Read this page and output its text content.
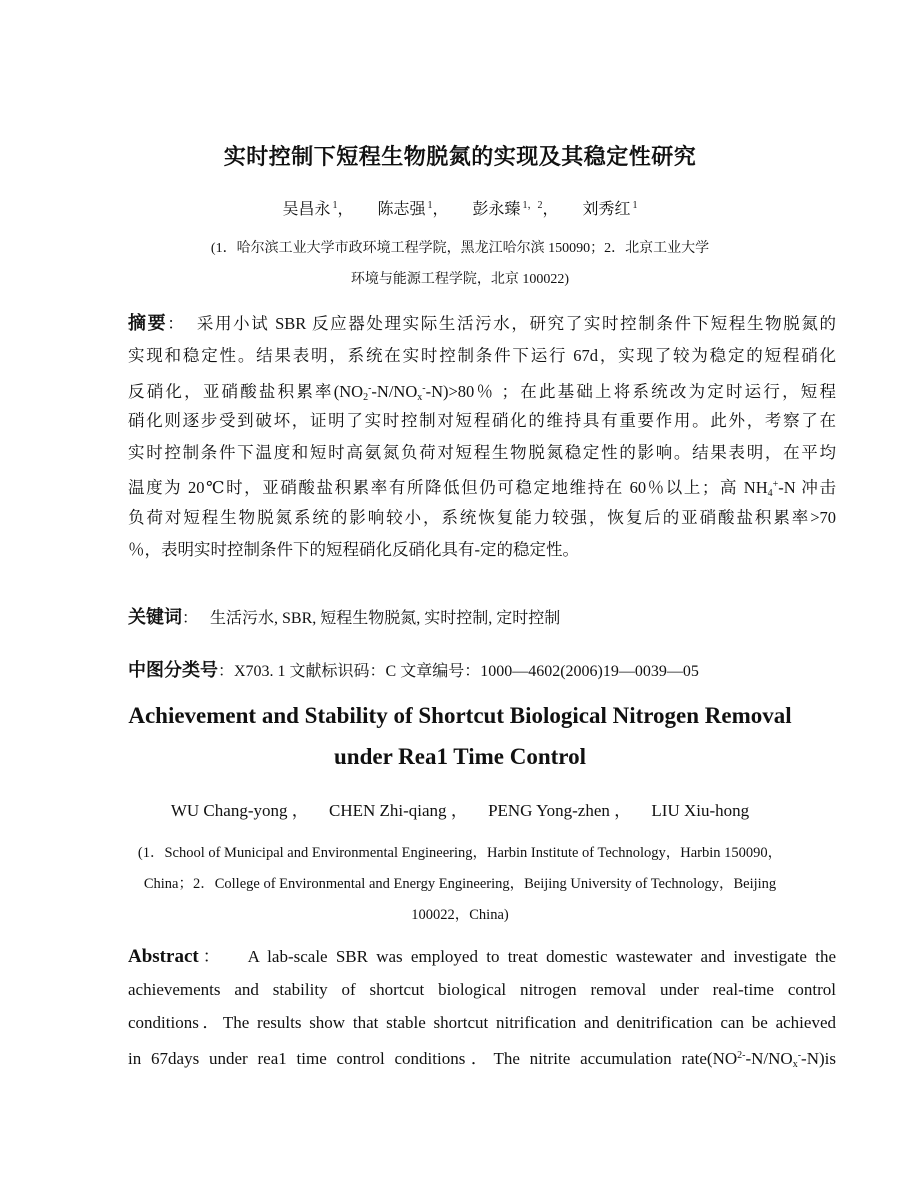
实时控制下短程生物脱氮的实现及其稳定性研究
吴昌永 $^1$， 陈志强 $^1$， 彭永臻 $^{1,2}$， 刘秀红 $^1$
(1．哈尔滨工业大学市政环境工程学院，黑龙江哈尔滨 150090；2．北京工业大学
环境与能源工程学院，北京 100022)
摘要： 采用小试 SBR 反应器处理实际生活污水，研究了实时控制条件下短程生物脱氮的
实现和稳定性。结果表明，系统在实时控制条件下运行 67d，实现了较为稳定的短程硝化
反硝化，亚硝酸盐积累率$(NO_2^--N/NO_x^--N)>80$％ ；在此基础上将系统改为定时运行，短程
硝化则逐步受到破坏，证明了实时控制对短程硝化的维持具有重要作用。此外，考察了在
实时控制条件下温度和短时高氨氮负荷对短程生物脱氮稳定性的影响。结果表明，在平均
温度为 20℃时，亚硝酸盐积累率有所降低但仍可稳定地维持在 60％以上；高 $NH_4^+-N$ 冲击
负荷对短程生物脱氮系统的影响较小，系统恢复能力较强，恢复后的亚硝酸盐积累率>70
％，表明实时控制条件下的短程硝化反硝化具有-定的稳定性。
关键词： 生活污水, SBR, 短程生物脱氮, 实时控制, 定时控制
中图分类号：X703. 1 文献标识码：C 文章编号：1000—4602(2006)19—0039—05
Achievement and Stability of Shortcut Biological Nitrogen Removal
under Rea1 Time Control
WU Chang-yong ， CHEN Zhi-qiang ， PENG Yong-zhen ， LIU Xiu-hong
(1．School of Municipal and Environmental Engineering，Harbin Institute of Technology，Harbin 150090，
China；2．College of Environmental and Energy Engineering，Beijing University of Technology，Beijing
100022，China)
Abstract： A lab-scale SBR was employed to treat domestic wastewater and investigate the
achievements and stability of shortcut biological nitrogen removal under real-time control
conditions．The results show that stable shortcut nitrification and denitrification can be achieved
in 67days under rea1 time control conditions．The nitrite accumulation $rate(NO^{2-}-N/NO_x^--N)is$
